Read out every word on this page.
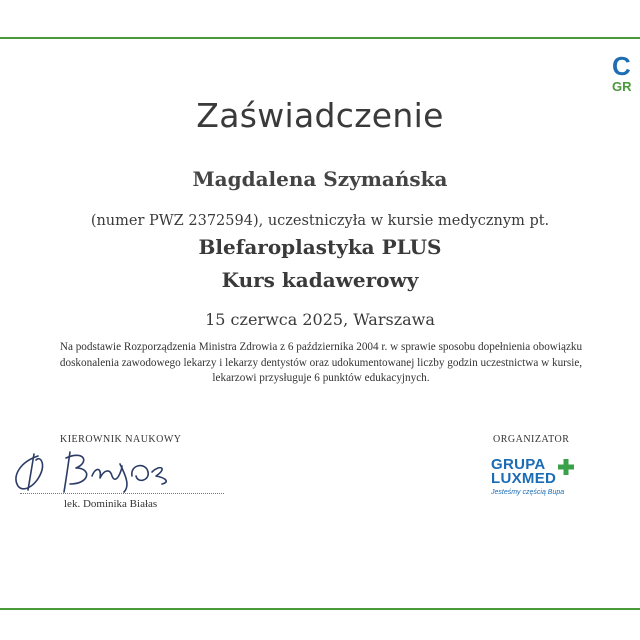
C
GR
Zaświadczenie
Magdalena Szymańska
(numer PWZ 2372594), uczestniczyła w kursie medycznym pt.
Blefaroplastyka PLUS
Kurs kadawerowy
15 czerwca 2025, Warszawa
Na podstawie Rozporządzenia Ministra Zdrowia z 6 października 2004 r. w sprawie sposobu dopełnienia obowiązku
doskonalenia zawodowego lekarzy i lekarzy dentystów oraz udokumentowanej liczby godzin uczestnictwa w kursie,
lekarzowi przysługuje 6 punktów edukacyjnych.
KIEROWNIK NAUKOWY	ORGANIZATOR
lek. Dominika Białas
GRUPA
LUXMED
Jesteśmy częścią Bupa
